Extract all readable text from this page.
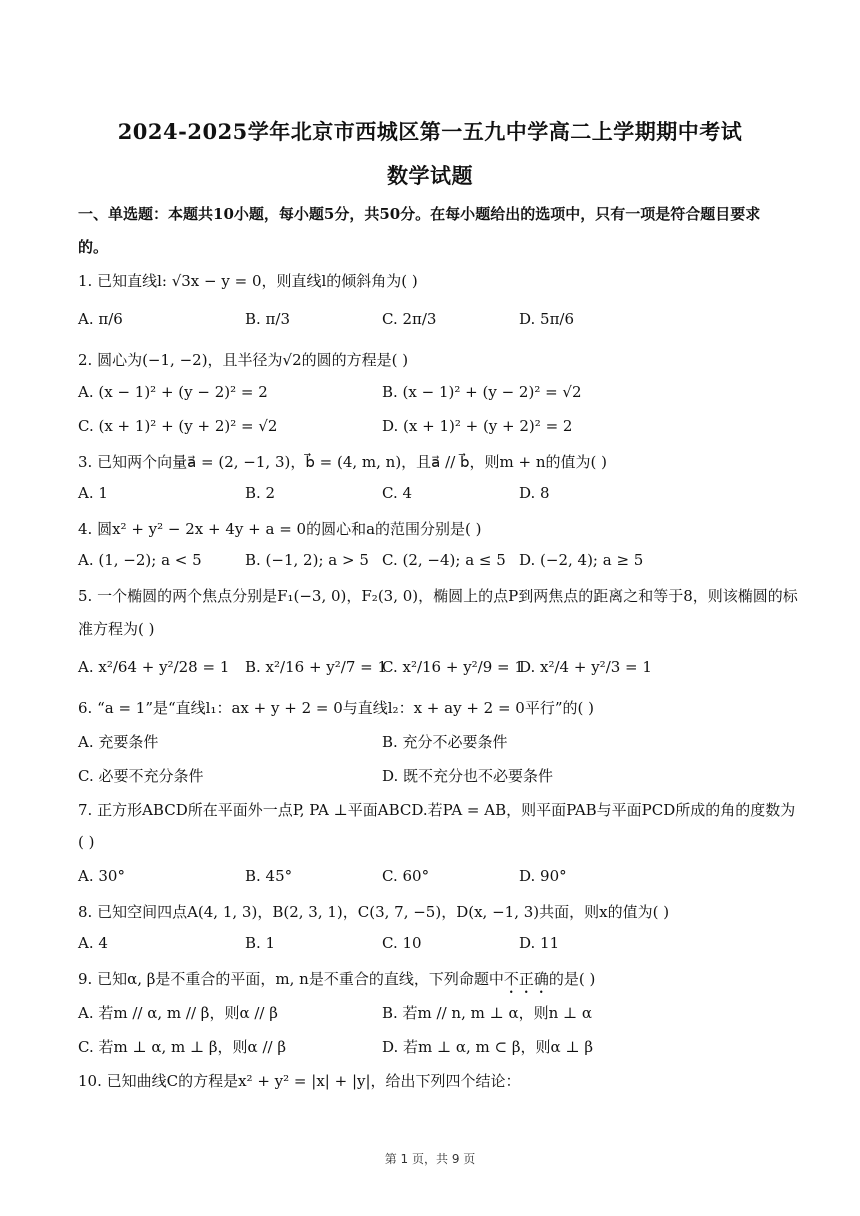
2024-2025学年北京市西城区第一五九中学高二上学期期中考试
数学试题
一、单选题：本题共10小题，每小题5分，共50分。在每小题给出的选项中，只有一项是符合题目要求
的。
1. 已知直线l: √3x − y = 0，则直线l的倾斜角为( )
A. π/6	B. π/3	C. 2π/3	D. 5π/6
2. 圆心为(−1, −2)，且半径为√2的圆的方程是( )
A. (x − 1)² + (y − 2)² = 2	B. (x − 1)² + (y − 2)² = √2
C. (x + 1)² + (y + 2)² = √2	D. (x + 1)² + (y + 2)² = 2
3. 已知两个向量a⃗ = (2, −1, 3)，b⃗ = (4, m, n)，且a⃗ // b⃗，则m + n的值为( )
A. 1	B. 2	C. 4	D. 8
4. 圆x² + y² − 2x + 4y + a = 0的圆心和a的范围分别是( )
A. (1, −2); a < 5	B. (−1, 2); a > 5 C. (2, −4); a ≤ 5 D. (−2, 4); a ≥ 5
5. 一个椭圆的两个焦点分别是F₁(−3, 0)，F₂(3, 0)，椭圆上的点P到两焦点的距离之和等于8，则该椭圆的标
准方程为( )
A. x²/64 + y²/28 = 1 B. x²/16 + y²/7 = 1
C. x²/16 + y²/9 = 1
D. x²/4 + y²/3 = 1
6. “a = 1”是“直线l₁：ax + y + 2 = 0与直线l₂：x + ay + 2 = 0平行”的( )
A. 充要条件	B. 充分不必要条件
C. 必要不充分条件	D. 既不充分也不必要条件
7. 正方形ABCD所在平面外一点P, PA ⊥平面ABCD.若PA = AB，则平面PAB与平面PCD所成的角的度数为
( )
A. 30°	B. 45°	C. 60°	D. 90°
8. 已知空间四点A(4, 1, 3)，B(2, 3, 1)，C(3, 7, −5)，D(x, −1, 3)共面，则x的值为( )
A. 4	B. 1	C. 10	D. 11
9. 已知α, β是不重合的平面，m, n是不重合的直线，下列命题中不正确的是( )
A. 若m // α, m // β，则α // β	B. 若m // n, m ⊥ α，则n ⊥ α
C. 若m ⊥ α, m ⊥ β，则α // β	D. 若m ⊥ α, m ⊂ β，则α ⊥ β
10. 已知曲线C的方程是x² + y² = |x| + |y|，给出下列四个结论：
第 1 页，共 9 页
